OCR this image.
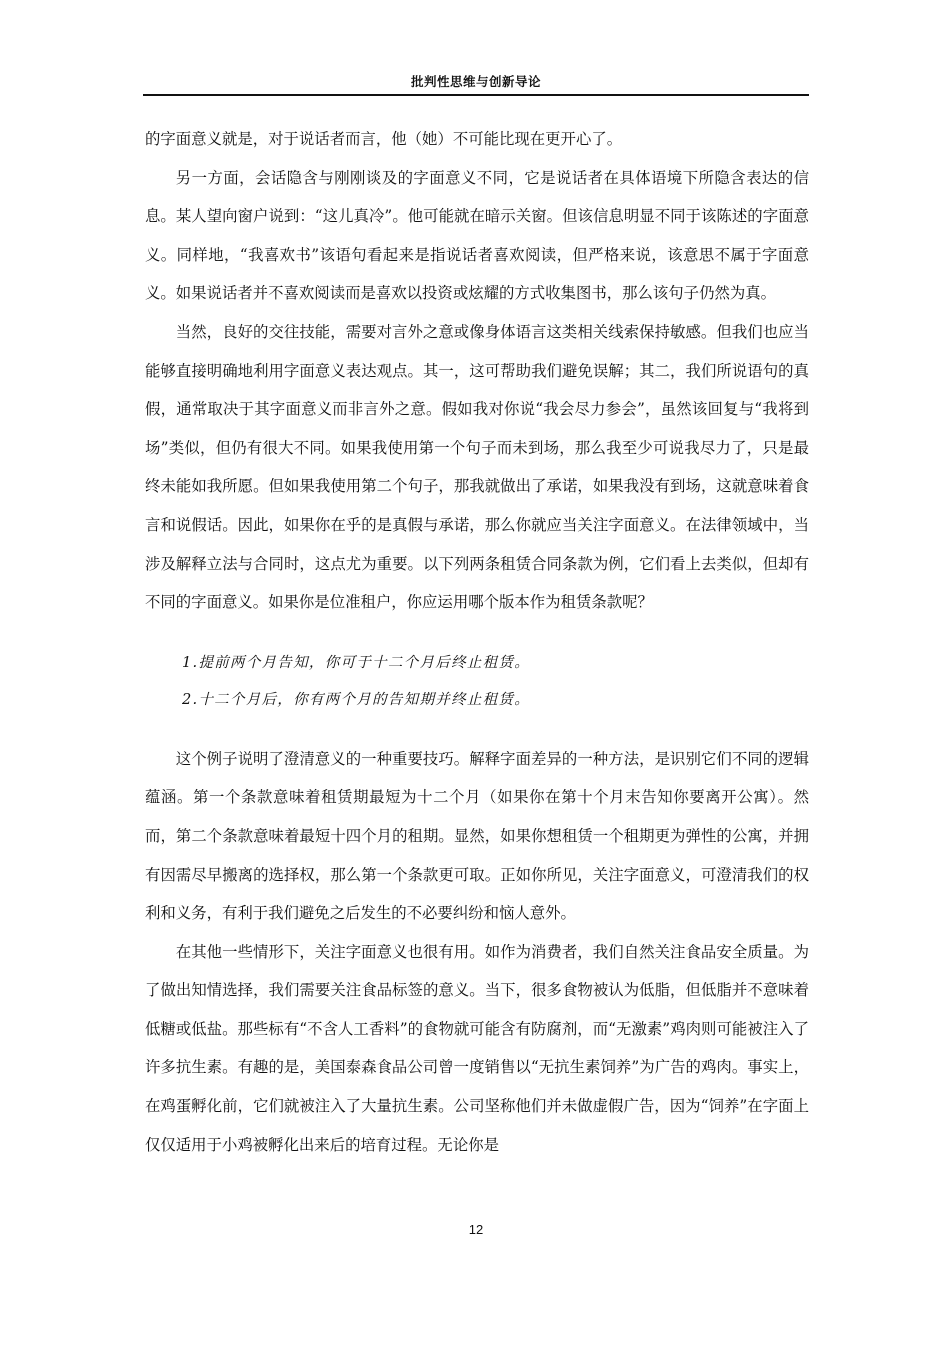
批判性思维与创新导论

的字面意义就是，对于说话者而言，他（她）不可能比现在更开心了。

另一方面，会话隐含与刚刚谈及的字面意义不同，它是说话者在具体语境下所隐含表达的信息。某人望向窗户说到：“这儿真冷”。他可能就在暗示关窗。但该信息明显不同于该陈述的字面意义。同样地，“我喜欢书”该语句看起来是指说话者喜欢阅读，但严格来说，该意思不属于字面意义。如果说话者并不喜欢阅读而是喜欢以投资或炫耀的方式收集图书，那么该句子仍然为真。

当然，良好的交往技能，需要对言外之意或像身体语言这类相关线索保持敏感。但我们也应当能够直接明确地利用字面意义表达观点。其一，这可帮助我们避免误解；其二，我们所说语句的真假，通常取决于其字面意义而非言外之意。假如我对你说“我会尽力参会”，虽然该回复与“我将到场”类似，但仍有很大不同。如果我使用第一个句子而未到场，那么我至少可说我尽力了，只是最终未能如我所愿。但如果我使用第二个句子，那我就做出了承诺，如果我没有到场，这就意味着食言和说假话。因此，如果你在乎的是真假与承诺，那么你就应当关注字面意义。在法律领域中，当涉及解释立法与合同时，这点尤为重要。以下列两条租赁合同条款为例，它们看上去类似，但却有不同的字面意义。如果你是位准租户，你应运用哪个版本作为租赁条款呢？

1.提前两个月告知，你可于十二个月后终止租赁。

2.十二个月后，你有两个月的告知期并终止租赁。

这个例子说明了澄清意义的一种重要技巧。解释字面差异的一种方法，是识别它们不同的逻辑蕴涵。第一个条款意味着租赁期最短为十二个月（如果你在第十个月末告知你要离开公寓）。然而，第二个条款意味着最短十四个月的租期。显然，如果你想租赁一个租期更为弹性的公寓，并拥有因需尽早搬离的选择权，那么第一个条款更可取。正如你所见，关注字面意义，可澄清我们的权利和义务，有利于我们避免之后发生的不必要纠纷和恼人意外。

在其他一些情形下，关注字面意义也很有用。如作为消费者，我们自然关注食品安全质量。为了做出知情选择，我们需要关注食品标签的意义。当下，很多食物被认为低脂，但低脂并不意味着低糖或低盐。那些标有“不含人工香料”的食物就可能含有防腐剂，而“无激素”鸡肉则可能被注入了许多抗生素。有趣的是，美国泰森食品公司曾一度销售以“无抗生素饲养”为广告的鸡肉。事实上，在鸡蛋孵化前，它们就被注入了大量抗生素。公司坚称他们并未做虚假广告，因为“饲养”在字面上仅仅适用于小鸡被孵化出来后的培育过程。无论你是

12
